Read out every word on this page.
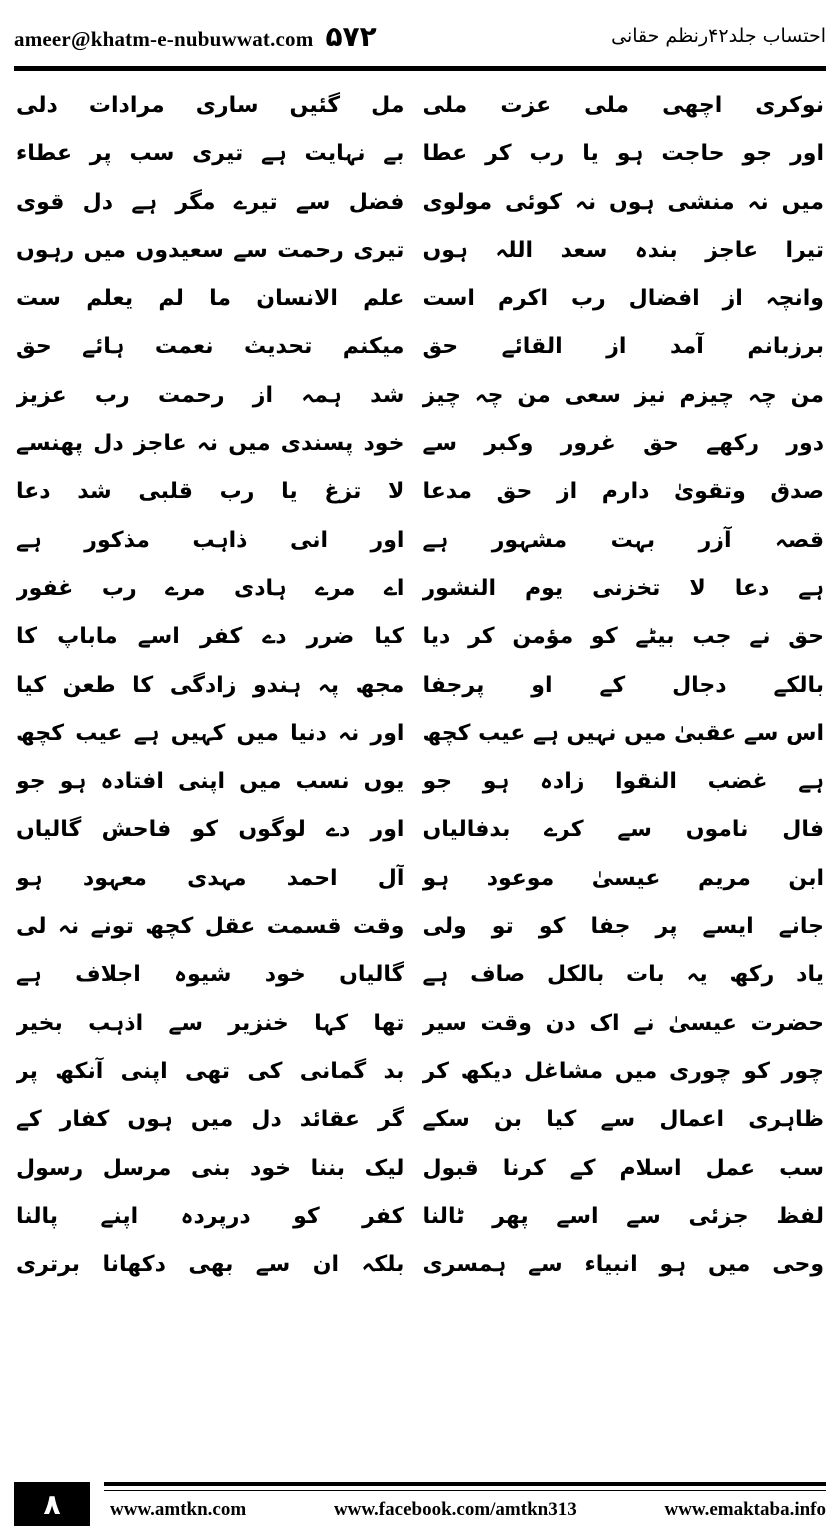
ameer@khatm-e-nubuwwat.com ۵۷۲	احتساب جلد۴۲رنظم حقانی
نوکری اچھی ملی عزت ملی
اور جو حاجت ہو یا رب کر عطا
میں نہ منشی ہوں نہ کوئی مولوی
تیرا عاجز بندہ سعد اللہ ہوں
وانچہ از افضال رب اکرم است
برزبانم آمد از القائے حق
من چہ چیزم نیز سعی من چہ چیز
دور رکھے حق غرور وکبر سے
صدق وتقویٰ دارم از حق مدعا
قصہ آزر بہت مشہور ہے
ہے دعا لا تخزنی یوم النشور
حق نے جب بیٹے کو مؤمن کر دیا
بالکے دجال کے او پرجفا
اس سے عقبیٰ میں نہیں ہے عیب کچھ
ہے غضب النقوا زادہ ہو جو
فال ناموں سے کرے بدفالیاں
ابن مریم عیسیٰ موعود ہو
جانے ایسے پر جفا کو تو ولی
یاد رکھ یہ بات بالکل صاف ہے
حضرت عیسیٰ نے اک دن وقت سیر
چور کو چوری میں مشاغل دیکھ کر
ظاہری اعمال سے کیا بن سکے
سب عمل اسلام کے کرنا قبول
لفظ جزئی سے اسے پھر ٹالنا
وحی میں ہو انبیاء سے ہمسری
مل گئیں ساری مرادات دلی
بے نہایت ہے تیری سب پر عطاء
فضل سے تیرے مگر ہے دل قوی
تیری رحمت سے سعیدوں میں رہوں
علم الانسان ما لم یعلم ست
میکنم تحدیث نعمت ہائے حق
شد ہمہ از رحمت رب عزیز
خود پسندی میں نہ عاجز دل پھنسے
لا تزغ یا رب قلبی شد دعا
اور انی ذاہب مذکور ہے
اے مرے ہادی مرے رب غفور
کیا ضرر دے کفر اسے ماباپ کا
مجھ پہ ہندو زادگی کا طعن کیا
اور نہ دنیا میں کہیں ہے عیب کچھ
یوں نسب میں اپنی افتادہ ہو جو
اور دے لوگوں کو فاحش گالیاں
آل احمد مہدی معہود ہو
وقت قسمت عقل کچھ تونے نہ لی
گالیاں خود شیوہ اجلاف ہے
تھا کہا خنزیر سے اذہب بخیر
بد گمانی کی تھی اپنی آنکھ پر
گر عقائد دل میں ہوں کفار کے
لیک بننا خود بنی مرسل رسول
کفر کو درپردہ اپنے پالنا
بلکہ ان سے بھی دکھانا برتری
۸	www.amtkn.com	www.facebook.com/amtkn313	www.emaktaba.info
